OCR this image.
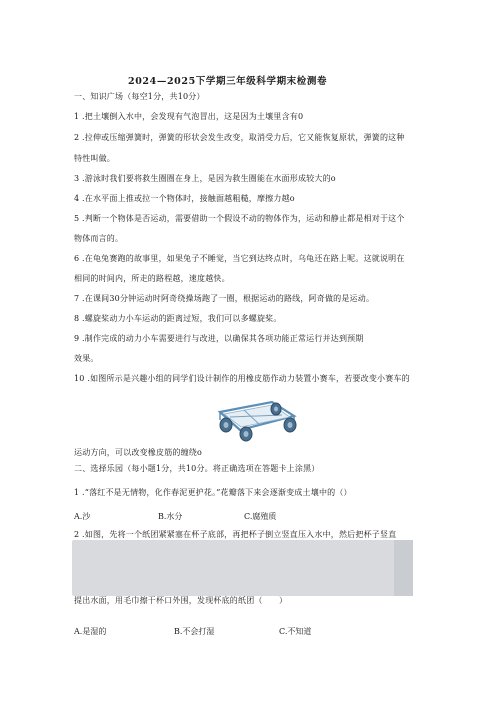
2024—2025下学期三年级科学期末检测卷
一、知识广场（每空1分，共10分）
1 .把土壤倒入水中，会发现有气泡冒出，这是因为土壤里含有0
2 .拉伸或压缩弹簧时，弹簧的形状会发生改变，取消受力后，它又能恢复原状，弹簧的这种
特性叫做。
3 .游泳时我们要将救生圈圈在身上，是因为救生圈能在水面形成较大的o
4 .在水平面上推或拉一个物体时，接触面越粗糙，摩擦力越o
5 .判断一个物体是否运动，需要借助一个假设不动的物体作为，运动和静止都是相对于这个
物体而言的。
6 .在龟兔赛跑的故事里，如果兔子不睡觉，当它到达终点时，乌龟还在路上呢。这就说明在
相同的时间内，所走的路程越，速度越快。
7 .在课间30分钟运动时阿奇绕操场跑了一圈，根据运动的路线，阿奇做的是运动。
8 .螺旋桨动力小车运动的距离过短，我们可以多螺旋桨。
9 .制作完成的动力小车需要进行与改进，以确保其各项功能正常运行并达到预期
效果。
10 .如图所示是兴趣小组的同学们设计制作的用橡皮筋作动力装置小赛车，若要改变小赛车的
运动方向，可以改变橡皮筋的缠绕o
二、选择乐园（每小题1分，共10分。将正确选项在答题卡上涂黑）
1 .“落红不是无情物，化作春泥更护花。”花瓣落下来会逐渐变成土壤中的（）
A.沙	B.水分	C.腐殖质
2 .如图，先将一个纸团紧紧塞在杯子底部，再把杯子倒立竖直压入水中，然后把杯子竖直
提出水面，用毛巾擦干杯口外围，发现杯底的纸团（　　）
A.是湿的	B.不会打湿	C.不知道
